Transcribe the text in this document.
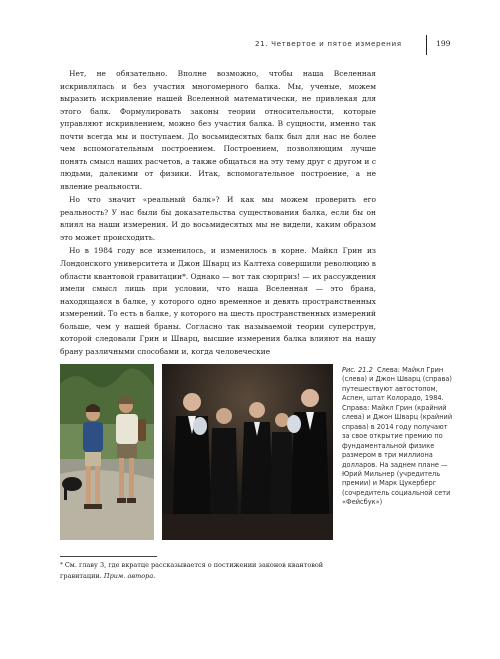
21. Четвертое и пятое измерения	199

Нет, не обязательно. Вполне возможно, чтобы наша Вселенная искривлялась и без участия многомерного балка. Мы, ученые, можем выразить искривление нашей Вселенной математически, не привлекая для этого балк. Формулировать законы теории относительности, которые управляют искривлением, можно без участия балка. В сущности, именно так почти всегда мы и поступаем. До восьмидесятых балк был для нас не более чем вспомогательным построением. Построением, позволяющим лучше понять смысл наших расчетов, а также общаться на эту тему друг с другом и с людьми, далекими от физики. Итак, вспомогательное построение, а не явление реальности.

Но что значит «реальный балк»? И как мы можем проверить его реальность? У нас были бы доказательства существования балка, если бы он влиял на наши измерения. И до восьмидесятых мы не видели, каким образом это может происходить.

Но в 1984 году все изменилось, и изменилось в корне. Майкл Грин из Лондонского университета и Джон Шварц из Калтеха совершили революцию в области квантовой гравитации*. Однако — вот так сюрприз! — их рассуждения имели смысл лишь при условии, что наша Вселенная — это брана, находящаяся в балке, у которого одно временное и девять пространственных измерений. То есть в балке, у которого на шесть пространственных измерений больше, чем у нашей браны. Согласно так называемой теории суперструн, которой следовали Грин и Шварц, высшие измерения балка влияют на нашу брану различными способами и, когда человеческие

Рис. 21.2 Слева: Майкл Грин (слева) и Джон Шварц (справа) путешествуют автостопом, Аспен, штат Колорадо, 1984. Справа: Майкл Грин (крайний слева) и Джон Шварц (крайний справа) в 2014 году получают за свое открытие премию по фундаментальной физике размером в три миллиона долларов. На заднем плане — Юрий Мильнер (учредитель премии) и Марк Цукерберг (сочредитель социальной сети «Фейсбук»)
* См. главу 3, где вкратце рассказывается о постижении законов квантовой гравитации. Прим. автора.
